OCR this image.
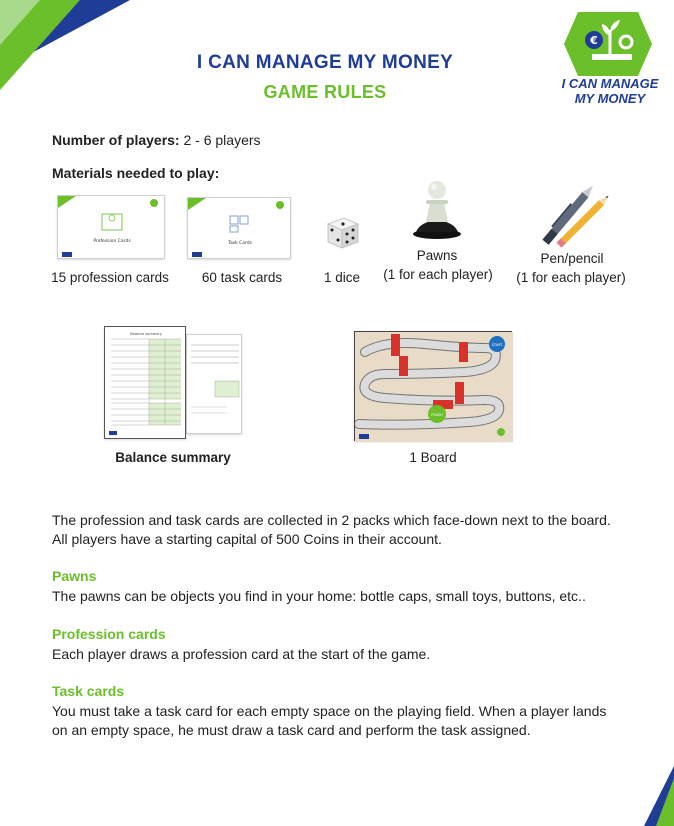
I CAN MANAGE MY MONEY
GAME RULES
€
I CAN MANAGE
MY MONEY
Number of players: 2 - 6 players
Materials needed to play:
Profession Cards
15 profession cards
Task Cards
60 task cards	1 dice
Pawns
(1 for each player)
Pen/pencil
(1 for each player)
Balance summary
Balance summary
START
FINISH
1 Board
The profession and task cards are collected in 2 packs which face-down next to the board. All players have a starting capital of 500 Coins in their account.
Pawns
The pawns can be objects you find in your home: bottle caps, small toys, buttons, etc..
Profession cards
Each player draws a profession card at the start of the game.
Task cards
You must take a task card for each empty space on the playing field. When a player lands on an empty space, he must draw a task card and perform the task assigned.
